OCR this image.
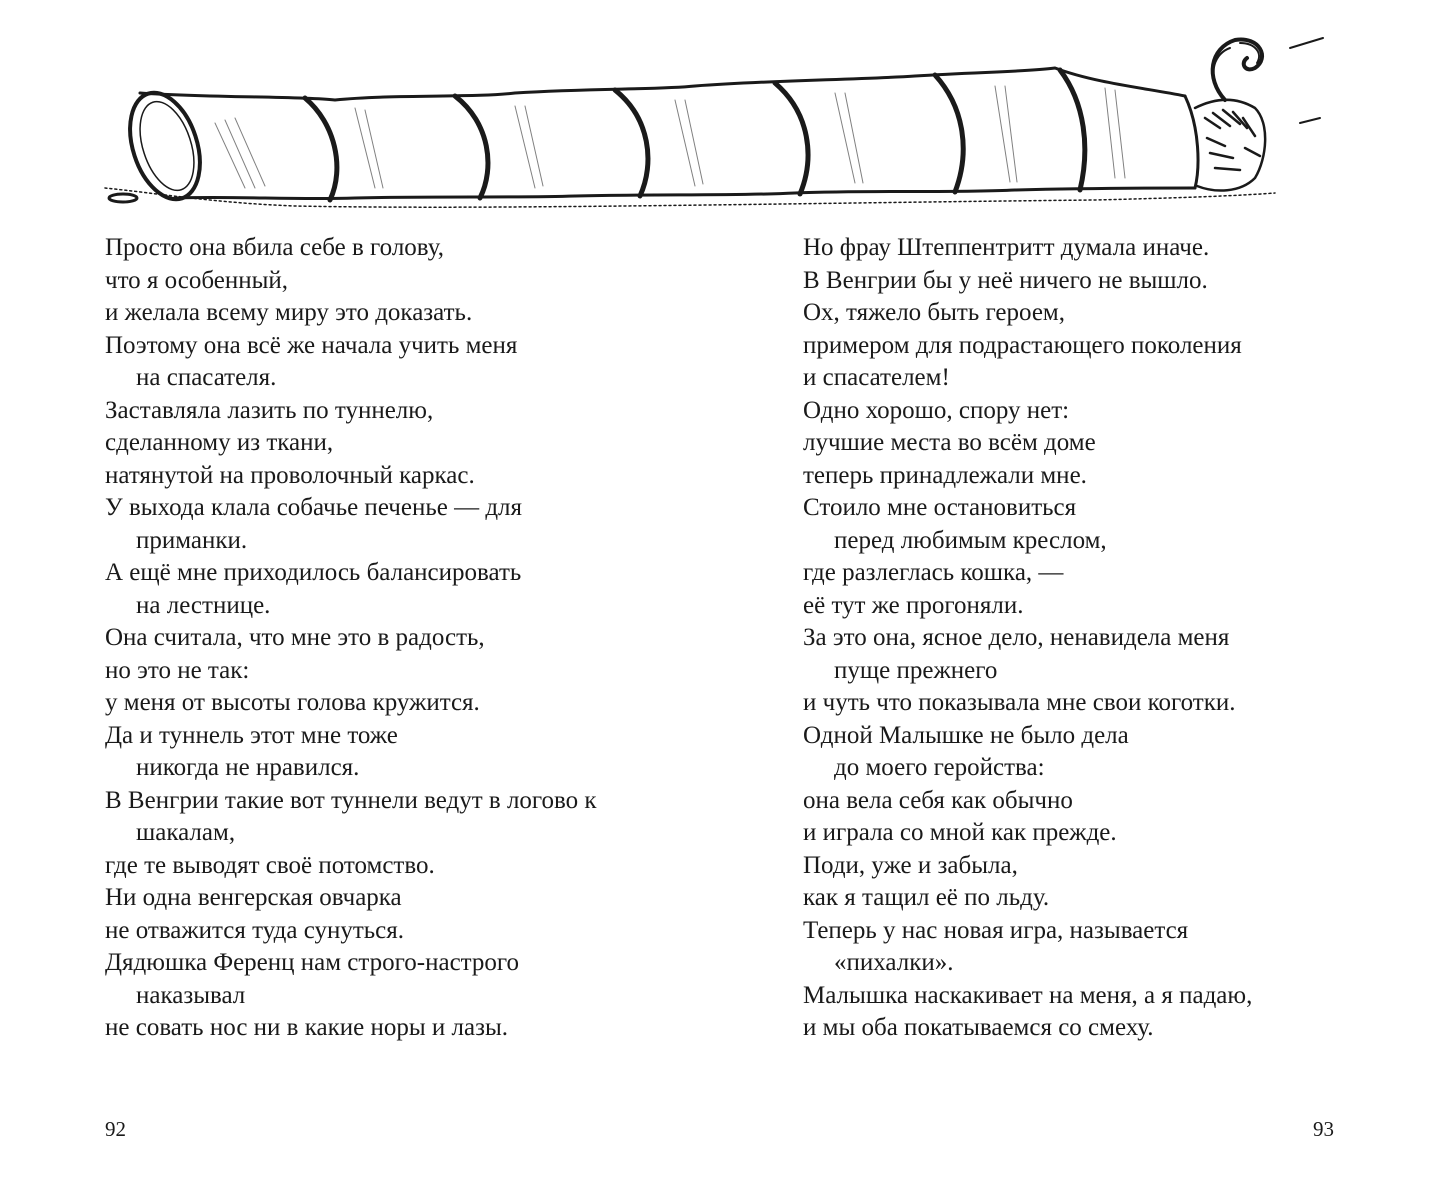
Просто она вбила себе в голову,
что я особенный,
и желала всему миру это доказать.
Поэтому она всё же начала учить меня
на спасателя.
Заставляла лазить по туннелю,
сделанному из ткани,
натянутой на проволочный каркас.
У выхода клала собачье печенье — для
приманки.
А ещё мне приходилось балансировать
на лестнице.
Она считала, что мне это в радость,
но это не так:
у меня от высоты голова кружится.
Да и туннель этот мне тоже
никогда не нравился.
В Венгрии такие вот туннели ведут в логово к
шакалам,
где те выводят своё потомство.
Ни одна венгерская овчарка
не отважится туда сунуться.
Дядюшка Ференц нам строго-настрого
наказывал
не совать нос ни в какие норы и лазы.
Но фрау Штеппентритт думала иначе.
В Венгрии бы у неё ничего не вышло.
Ох, тяжело быть героем,
примером для подрастающего поколения
и спасателем!
Одно хорошо, спору нет:
лучшие места во всём доме
теперь принадлежали мне.
Стоило мне остановиться
перед любимым креслом,
где разлеглась кошка, —
её тут же прогоняли.
За это она, ясное дело, ненавидела меня
пуще прежнего
и чуть что показывала мне свои коготки.
Одной Малышке не было дела
до моего геройства:
она вела себя как обычно
и играла со мной как прежде.
Поди, уже и забыла,
как я тащил её по льду.
Теперь у нас новая игра, называется
«пихалки».
Малышка наскакивает на меня, а я падаю,
и мы оба покатываемся со смеху.
92	93
